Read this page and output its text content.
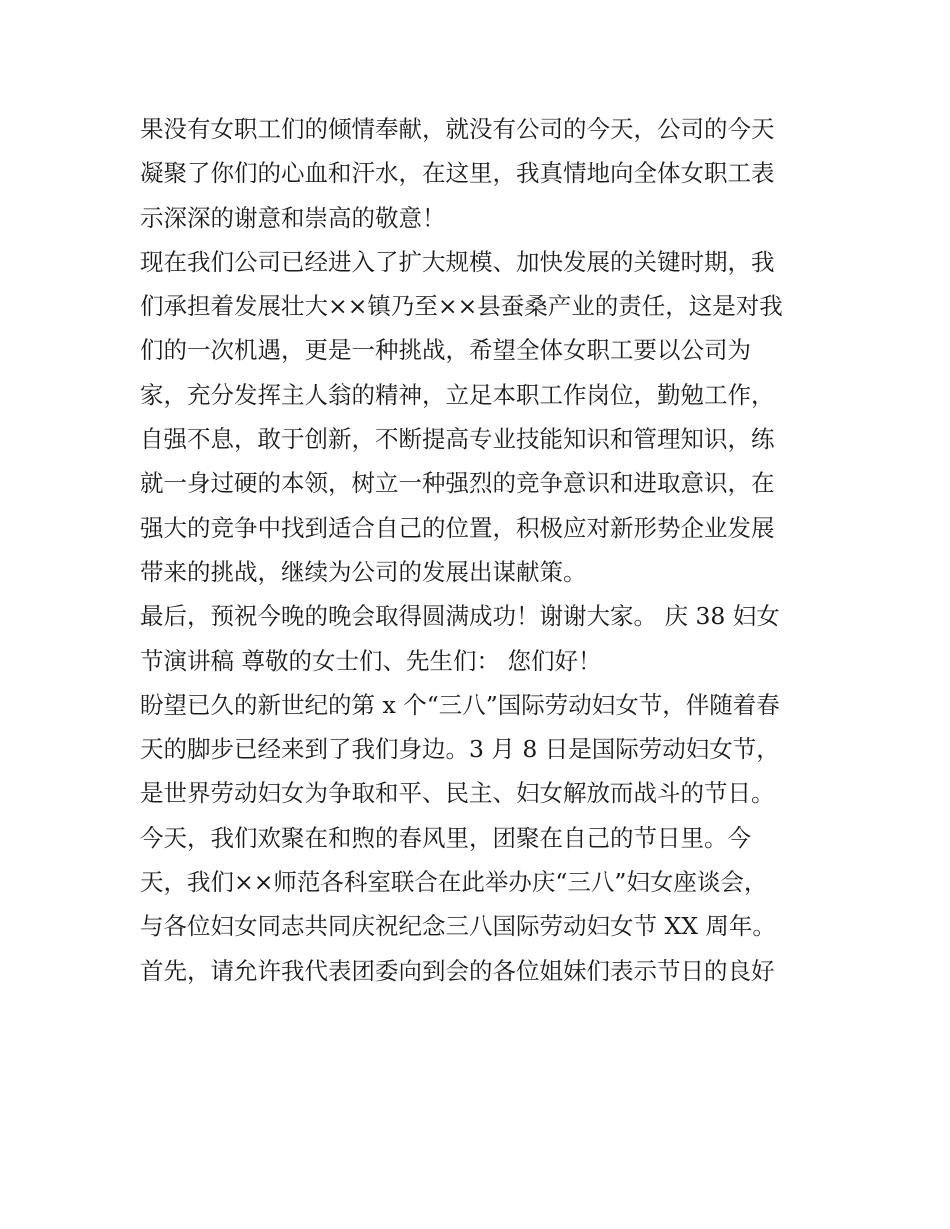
果没有女职工们的倾情奉献，就没有公司的今天，公司的今天
凝聚了你们的心血和汗水，在这里，我真情地向全体女职工表
示深深的谢意和崇高的敬意！
现在我们公司已经进入了扩大规模、加快发展的关键时期，我
们承担着发展壮大××镇乃至××县蚕桑产业的责任，这是对我
们的一次机遇，更是一种挑战，希望全体女职工要以公司为
家，充分发挥主人翁的精神，立足本职工作岗位，勤勉工作，
自强不息，敢于创新，不断提高专业技能知识和管理知识，练
就一身过硬的本领，树立一种强烈的竞争意识和进取意识，在
强大的竞争中找到适合自己的位置，积极应对新形势企业发展
带来的挑战，继续为公司的发展出谋献策。
最后，预祝今晚的晚会取得圆满成功！谢谢大家。 庆 38 妇女
节演讲稿 尊敬的女士们、先生们： 您们好！
盼望已久的新世纪的第 x 个“三八”国际劳动妇女节，伴随着春
天的脚步已经来到了我们身边。3 月 8 日是国际劳动妇女节，
是世界劳动妇女为争取和平、民主、妇女解放而战斗的节日。
今天，我们欢聚在和煦的春风里，团聚在自己的节日里。今
天，我们××师范各科室联合在此举办庆“三八”妇女座谈会，
与各位妇女同志共同庆祝纪念三八国际劳动妇女节 XX 周年。
首先，请允许我代表团委向到会的各位姐妹们表示节日的良好
